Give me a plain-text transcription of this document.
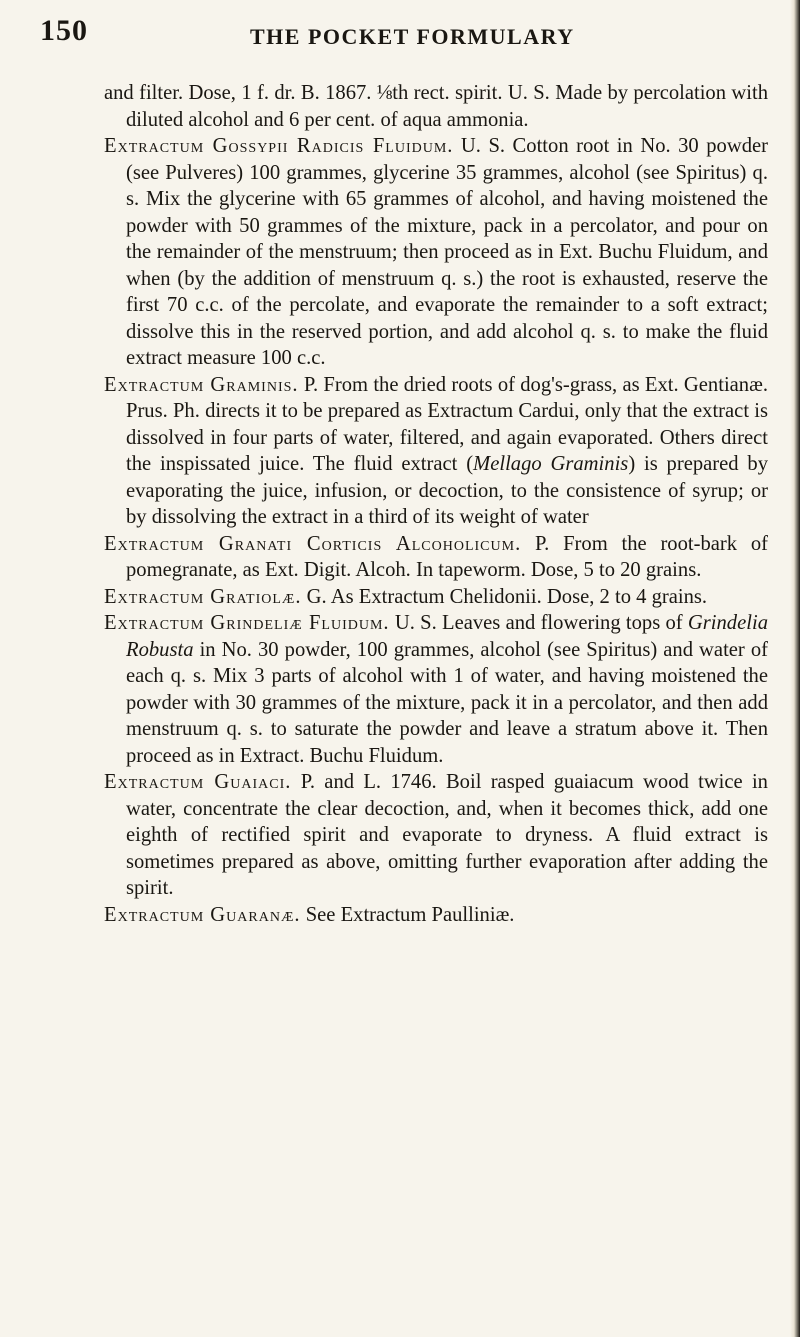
150	THE POCKET FORMULARY

and filter. Dose, 1 f. dr. B. 1867. ⅛th rect. spirit. U. S. Made by percolation with diluted alcohol and 6 per cent. of aqua ammonia.

Extractum Gossypii Radicis Fluidum. U. S. Cotton root in No. 30 powder (see Pulveres) 100 grammes, glycerine 35 grammes, alcohol (see Spiritus) q. s. Mix the glycerine with 65 grammes of alcohol, and having moistened the powder with 50 grammes of the mixture, pack in a percolator, and pour on the remainder of the menstruum; then proceed as in Ext. Buchu Fluidum, and when (by the addition of menstruum q. s.) the root is exhausted, reserve the first 70 c.c. of the percolate, and evaporate the remainder to a soft extract; dissolve this in the reserved portion, and add alcohol q. s. to make the fluid extract measure 100 c.c.

Extractum Graminis. P. From the dried roots of dog's-grass, as Ext. Gentianæ. Prus. Ph. directs it to be prepared as Extractum Cardui, only that the extract is dissolved in four parts of water, filtered, and again evaporated. Others direct the inspissated juice. The fluid extract (Mellago Graminis) is prepared by evaporating the juice, infusion, or decoction, to the consistence of syrup; or by dissolving the extract in a third of its weight of water

Extractum Granati Corticis Alcoholicum. P. From the root-bark of pomegranate, as Ext. Digit. Alcoh. In tapeworm. Dose, 5 to 20 grains.

Extractum Gratiolæ. G. As Extractum Chelidonii. Dose, 2 to 4 grains.

Extractum Grindeliæ Fluidum. U. S. Leaves and flowering tops of Grindelia Robusta in No. 30 powder, 100 grammes, alcohol (see Spiritus) and water of each q. s. Mix 3 parts of alcohol with 1 of water, and having moistened the powder with 30 grammes of the mixture, pack it in a percolator, and then add menstruum q. s. to saturate the powder and leave a stratum above it. Then proceed as in Extract. Buchu Fluidum.

Extractum Guaiaci. P. and L. 1746. Boil rasped guaiacum wood twice in water, concentrate the clear decoction, and, when it becomes thick, add one eighth of rectified spirit and evaporate to dryness. A fluid extract is sometimes prepared as above, omitting further evaporation after adding the spirit.

Extractum Guaranæ. See Extractum Paulliniæ.
